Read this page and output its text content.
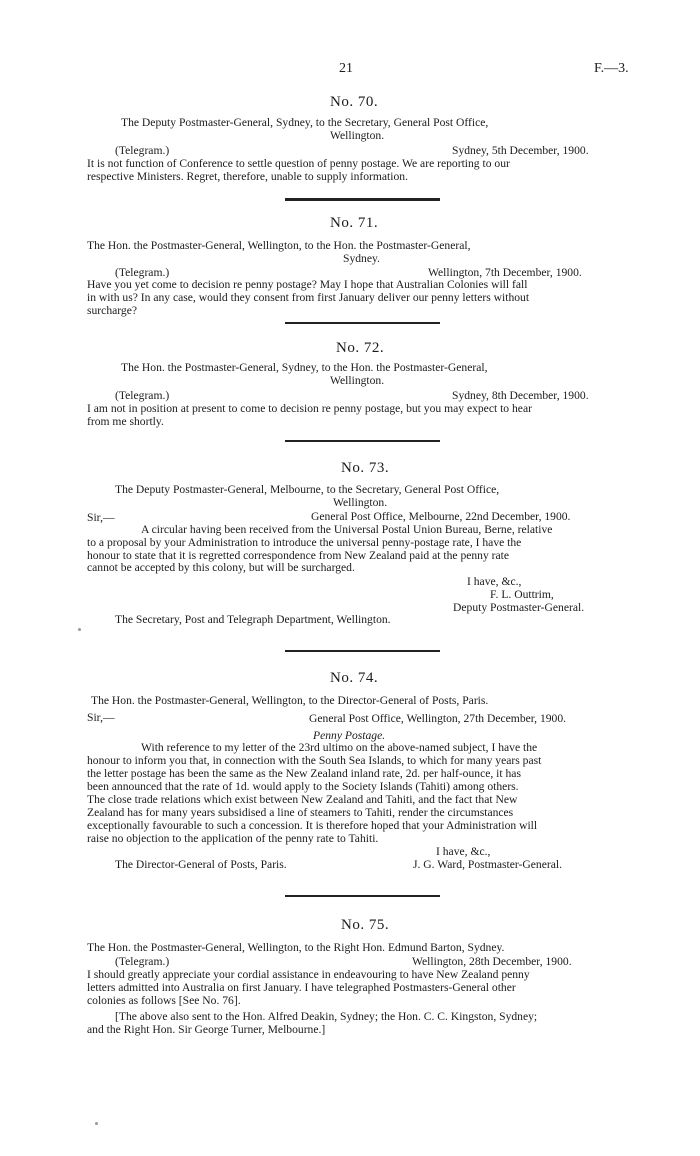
21	F.—3.
No. 70.
The Deputy Postmaster-General, Sydney, to the Secretary, General Post Office,
Wellington.
(Telegram.)	Sydney, 5th December, 1900.
It is not function of Conference to settle question of penny postage. We are reporting to our
respective Ministers. Regret, therefore, unable to supply information.
No. 71.
The Hon. the Postmaster-General, Wellington, to the Hon. the Postmaster-General,
Sydney.
(Telegram.)	Wellington, 7th December, 1900.
Have you yet come to decision re penny postage? May I hope that Australian Colonies will fall
in with us? In any case, would they consent from first January deliver our penny letters without
surcharge?
No. 72.
The Hon. the Postmaster-General, Sydney, to the Hon. the Postmaster-General,
Wellington.
(Telegram.)	Sydney, 8th December, 1900.
I am not in position at present to come to decision re penny postage, but you may expect to hear
from me shortly.
No. 73.
The Deputy Postmaster-General, Melbourne, to the Secretary, General Post Office,
Wellington.
Sir,—	General Post Office, Melbourne, 22nd December, 1900.
A circular having been received from the Universal Postal Union Bureau, Berne, relative
to a proposal by your Administration to introduce the universal penny-postage rate, I have the
honour to state that it is regretted correspondence from New Zealand paid at the penny rate
cannot be accepted by this colony, but will be surcharged.
I have, &c.,
F. L. Outtrim,
Deputy Postmaster-General.
The Secretary, Post and Telegraph Department, Wellington.
No. 74.
The Hon. the Postmaster-General, Wellington, to the Director-General of Posts, Paris.
Sir,—	General Post Office, Wellington, 27th December, 1900.
Penny Postage.
With reference to my letter of the 23rd ultimo on the above-named subject, I have the
honour to inform you that, in connection with the South Sea Islands, to which for many years past
the letter postage has been the same as the New Zealand inland rate, 2d. per half-ounce, it has
been announced that the rate of 1d. would apply to the Society Islands (Tahiti) among others.
The close trade relations which exist between New Zealand and Tahiti, and the fact that New
Zealand has for many years subsidised a line of steamers to Tahiti, render the circumstances
exceptionally favourable to such a concession. It is therefore hoped that your Administration will
raise no objection to the application of the penny rate to Tahiti.
I have, &c.,
The Director-General of Posts, Paris.	J. G. Ward, Postmaster-General.
No. 75.
The Hon. the Postmaster-General, Wellington, to the Right Hon. Edmund Barton, Sydney.
(Telegram.)	Wellington, 28th December, 1900.
I should greatly appreciate your cordial assistance in endeavouring to have New Zealand penny
letters admitted into Australia on first January. I have telegraphed Postmasters-General other
colonies as follows [See No. 76].
[The above also sent to the Hon. Alfred Deakin, Sydney; the Hon. C. C. Kingston, Sydney;
and the Right Hon. Sir George Turner, Melbourne.]
